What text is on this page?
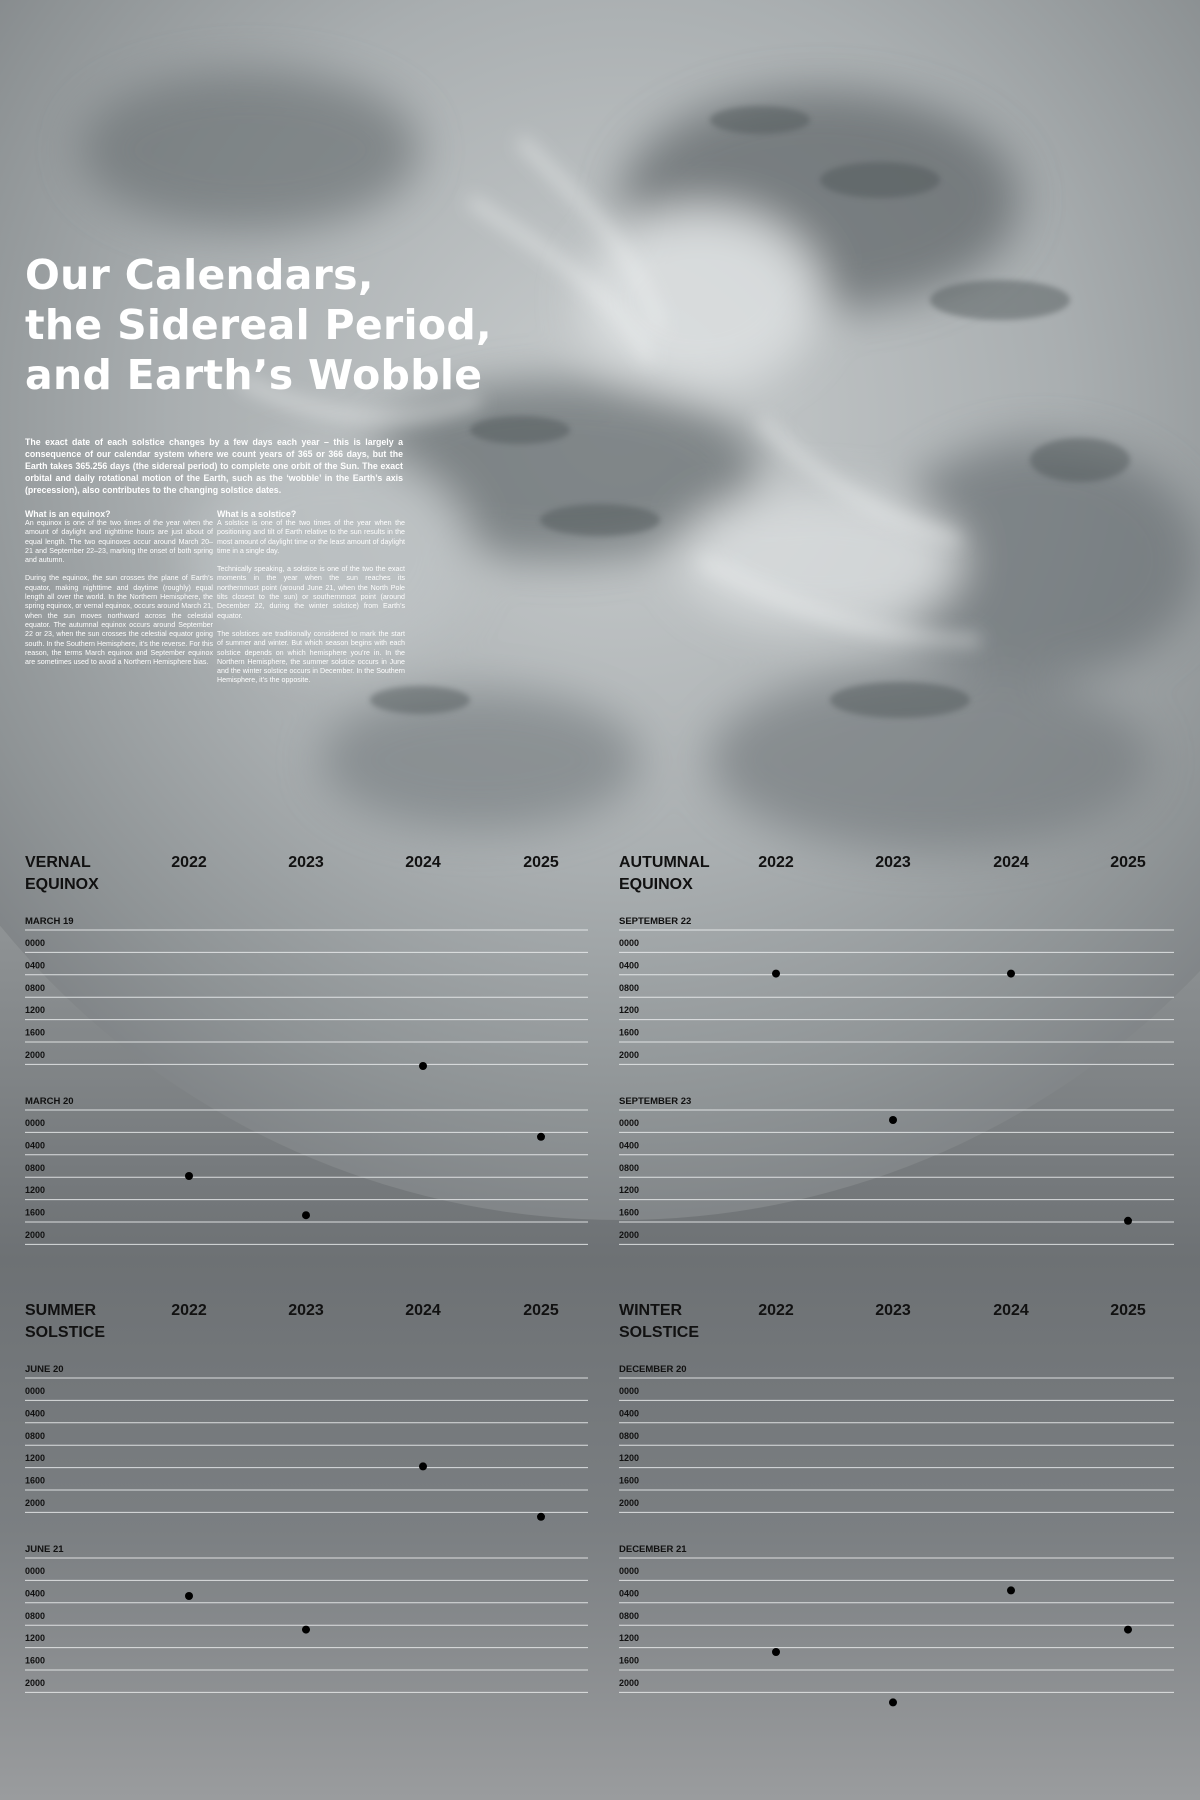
Our Calendars,
the Sidereal Period,
and Earth’s Wobble

The exact date of each solstice changes by a few days each year – this is largely a consequence of our calendar system where we count years of 365 or 366 days, but the Earth takes 365.256 days (the sidereal period) to complete one orbit of the Sun. The exact orbital and daily rotational motion of the Earth, such as the ‘wobble’ in the Earth’s axis (precession), also contributes to the changing solstice dates.

What is an equinox?

An equinox is one of the two times of the year when the amount of daylight and nighttime hours are just about of equal length. The two equinoxes occur around March 20–21 and September 22–23, marking the onset of both spring and autumn.

During the equinox, the sun crosses the plane of Earth’s equator, making nighttime and daytime (roughly) equal length all over the world. In the Northern Hemisphere, the spring equinox, or vernal equinox, occurs around March 21, when the sun moves northward across the celestial equator. The autumnal equinox occurs around September 22 or 23, when the sun crosses the celestial equator going south. In the Southern Hemisphere, it’s the reverse. For this reason, the terms March equinox and September equinox are sometimes used to avoid a Northern Hemisphere bias.

What is a solstice?

A solstice is one of the two times of the year when the positioning and tilt of Earth relative to the sun results in the most amount of daylight time or the least amount of daylight time in a single day.

Technically speaking, a solstice is one of the two the exact moments in the year when the sun reaches its northernmost point (around June 21, when the North Pole tilts closest to the sun) or southernmost point (around December 22, during the winter solstice) from Earth’s equator.

The solstices are traditionally considered to mark the start of summer and winter. But which season begins with each solstice depends on which hemisphere you’re in. In the Northern Hemisphere, the summer solstice occurs in June and the winter solstice occurs in December. In the Southern Hemisphere, it’s the opposite.

VERNAL
EQUINOX
2022	2023	2024	2025
MARCH 19
0000
0400
0800
1200
1600
2000
MARCH 20
0000
0400
0800
1200
1600
2000
AUTUMNAL
EQUINOX
2022	2023	2024	2025
SEPTEMBER 22
0000
0400
0800
1200
1600
2000
SEPTEMBER 23
0000
0400
0800
1200
1600
2000
SUMMER
SOLSTICE
2022	2023	2024	2025
JUNE 20
0000
0400
0800
1200
1600
2000
JUNE 21
0000
0400
0800
1200
1600
2000
WINTER
SOLSTICE
2022	2023	2024	2025
DECEMBER 20
0000
0400
0800
1200
1600
2000
DECEMBER 21
0000
0400
0800
1200
1600
2000
